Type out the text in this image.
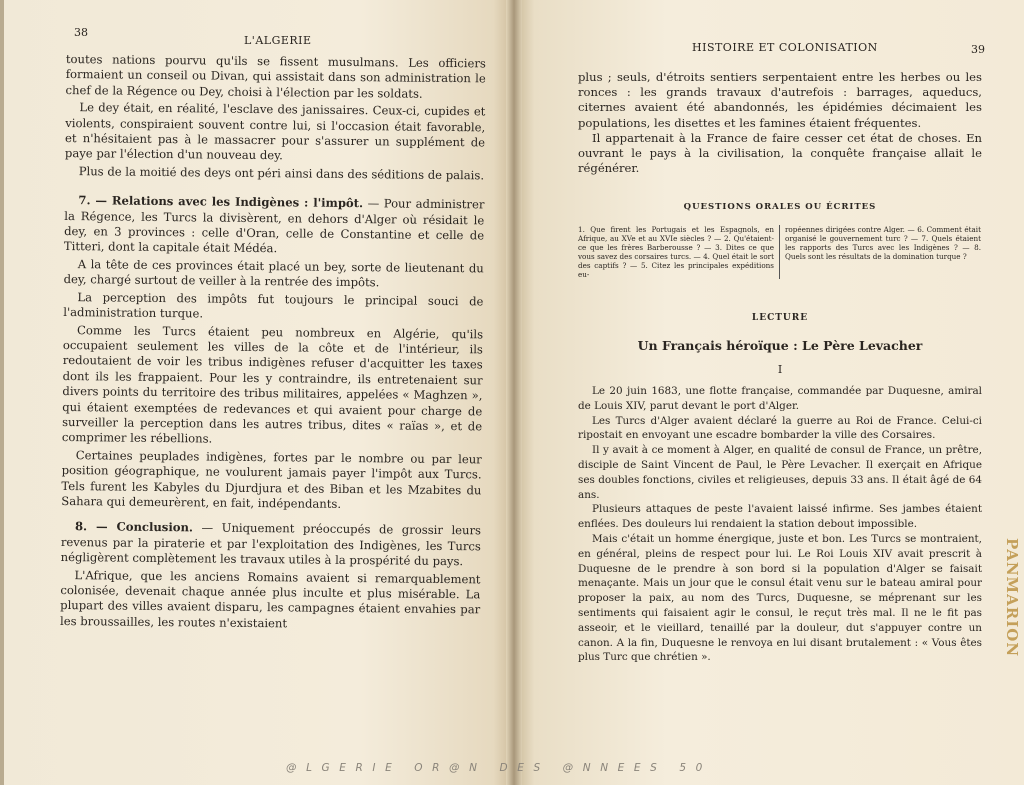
38
L'ALGERIE

toutes nations pourvu qu'ils se fissent musulmans. Les officiers formaient un conseil ou Divan, qui assistait dans son administration le chef de la Régence ou Dey, choisi à l'élection par les soldats.

Le dey était, en réalité, l'esclave des janissaires. Ceux-ci, cupides et violents, conspiraient souvent contre lui, si l'occasion était favorable, et n'hésitaient pas à le massacrer pour s'assurer un supplément de paye par l'élection d'un nouveau dey.

Plus de la moitié des deys ont péri ainsi dans des séditions de palais.

7. — Relations avec les Indigènes : l'impôt. — Pour administrer la Régence, les Turcs la divisèrent, en dehors d'Alger où résidait le dey, en 3 provinces : celle d'Oran, celle de Constantine et celle de Titteri, dont la capitale était Médéa.

A la tête de ces provinces était placé un bey, sorte de lieutenant du dey, chargé surtout de veiller à la rentrée des impôts.

La perception des impôts fut toujours le principal souci de l'administration turque.

Comme les Turcs étaient peu nombreux en Algérie, qu'ils occupaient seulement les villes de la côte et de l'intérieur, ils redoutaient de voir les tribus indigènes refuser d'acquitter les taxes dont ils les frappaient. Pour les y contraindre, ils entretenaient sur divers points du territoire des tribus militaires, appelées « Maghzen », qui étaient exemptées de redevances et qui avaient pour charge de surveiller la perception dans les autres tribus, dites « raïas », et de comprimer les rébellions.

Certaines peuplades indigènes, fortes par le nombre ou par leur position géographique, ne voulurent jamais payer l'impôt aux Turcs. Tels furent les Kabyles du Djurdjura et des Biban et les Mzabites du Sahara qui demeurèrent, en fait, indépendants.

8. — Conclusion. — Uniquement préoccupés de grossir leurs revenus par la piraterie et par l'exploitation des Indigènes, les Turcs négligèrent complètement les travaux utiles à la prospérité du pays.

L'Afrique, que les anciens Romains avaient si remarquablement colonisée, devenait chaque année plus inculte et plus misérable. La plupart des villes avaient disparu, les campagnes étaient envahies par les broussailles, les routes n'existaient

HISTOIRE ET COLONISATION	39

plus ; seuls, d'étroits sentiers serpentaient entre les herbes ou les ronces : les grands travaux d'autrefois : barrages, aqueducs, citernes avaient été abandonnés, les épidémies décimaient les populations, les disettes et les famines étaient fréquentes.

Il appartenait à la France de faire cesser cet état de choses. En ouvrant le pays à la civilisation, la conquête française allait le régénérer.

QUESTIONS ORALES OU ÉCRITES
1. Que firent les Portugais et les Espagnols, en Afrique, au XVe et au XVIe siècles ? — 2. Qu'étaient-ce que les frères Barberousse ? — 3. Dites ce que vous savez des corsaires turcs. — 4. Quel était le sort des captifs ? — 5. Citez les principales expéditions eu-
ropéennes dirigées contre Alger. — 6. Comment était organisé le gouvernement turc ? — 7. Quels étaient les rapports des Turcs avec les Indigènes ? — 8. Quels sont les résultats de la domination turque ?
LECTURE
Un Français héroïque : Le Père Levacher
I

Le 20 juin 1683, une flotte française, commandée par Duquesne, amiral de Louis XIV, parut devant le port d'Alger.

Les Turcs d'Alger avaient déclaré la guerre au Roi de France. Celui-ci ripostait en envoyant une escadre bombarder la ville des Corsaires.

Il y avait à ce moment à Alger, en qualité de consul de France, un prêtre, disciple de Saint Vincent de Paul, le Père Levacher. Il exerçait en Afrique ses doubles fonctions, civiles et religieuses, depuis 33 ans. Il était âgé de 64 ans.

Plusieurs attaques de peste l'avaient laissé infirme. Ses jambes étaient enflées. Des douleurs lui rendaient la station debout impossible.

Mais c'était un homme énergique, juste et bon. Les Turcs se montraient, en général, pleins de respect pour lui. Le Roi Louis XIV avait prescrit à Duquesne de le prendre à son bord si la population d'Alger se faisait menaçante. Mais un jour que le consul était venu sur le bateau amiral pour proposer la paix, au nom des Turcs, Duquesne, se méprenant sur les sentiments qui faisaient agir le consul, le reçut très mal. Il ne le fit pas asseoir, et le vieillard, tenaillé par la douleur, dut s'appuyer contre un canon. A la fin, Duquesne le renvoya en lui disant brutalement : « Vous êtes plus Turc que chrétien ».

@LGERIE OR@N DES @NNEES 50
PANMARION
